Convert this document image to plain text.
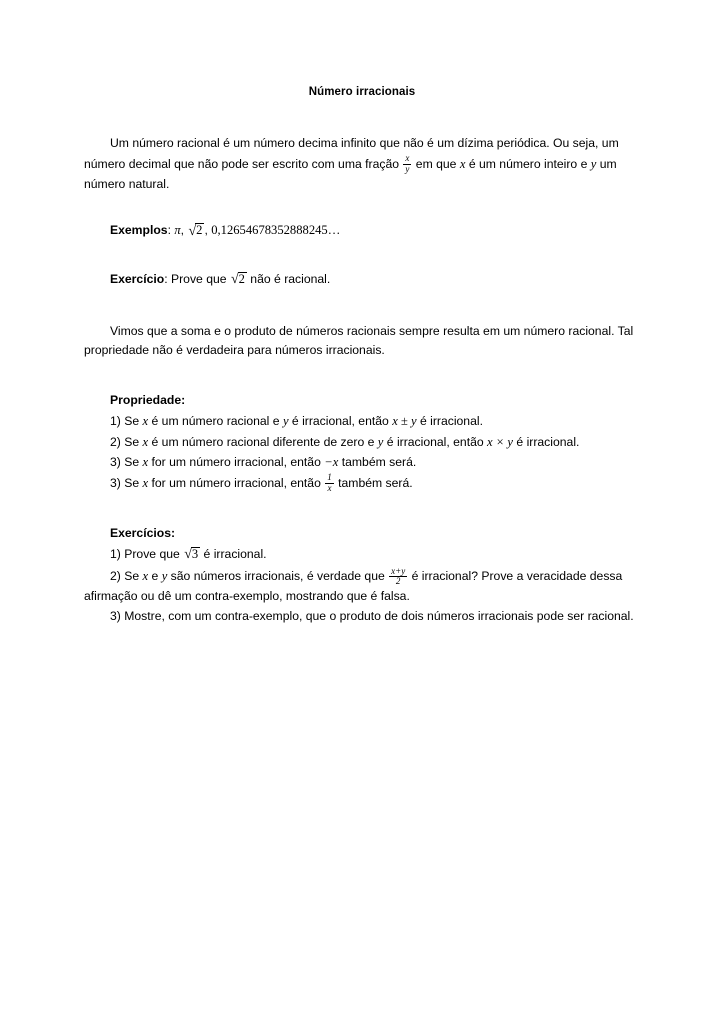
Número irracionais

Um número racional é um número decima infinito que não é um dízima periódica. Ou seja, um número decimal que não pode ser escrito com uma fração $\frac{x}{y}$ em que x é um número inteiro e y um número natural.

Exemplos: π, √2 , 0,12654678352888245…

Exercício: Prove que √2 não é racional.

Vimos que a soma e o produto de números racionais sempre resulta em um número racional. Tal propriedade não é verdadeira para números irracionais.

Propriedade:

1) Se x é um número racional e y é irracional, então x ± y é irracional.

2) Se x é um número racional diferente de zero e y é irracional, então x × y é irracional.

3) Se x for um número irracional, então −x também será.

3) Se x for um número irracional, então $\frac{1}{x}$ também será.

Exercícios:

1) Prove que √3 é irracional.

2) Se x e y são números irracionais, é verdade que $\frac{x+y}{2}$ é irracional? Prove a veracidade dessa afirmação ou dê um contra-exemplo, mostrando que é falsa.

3) Mostre, com um contra-exemplo, que o produto de dois números irracionais pode ser racional.
